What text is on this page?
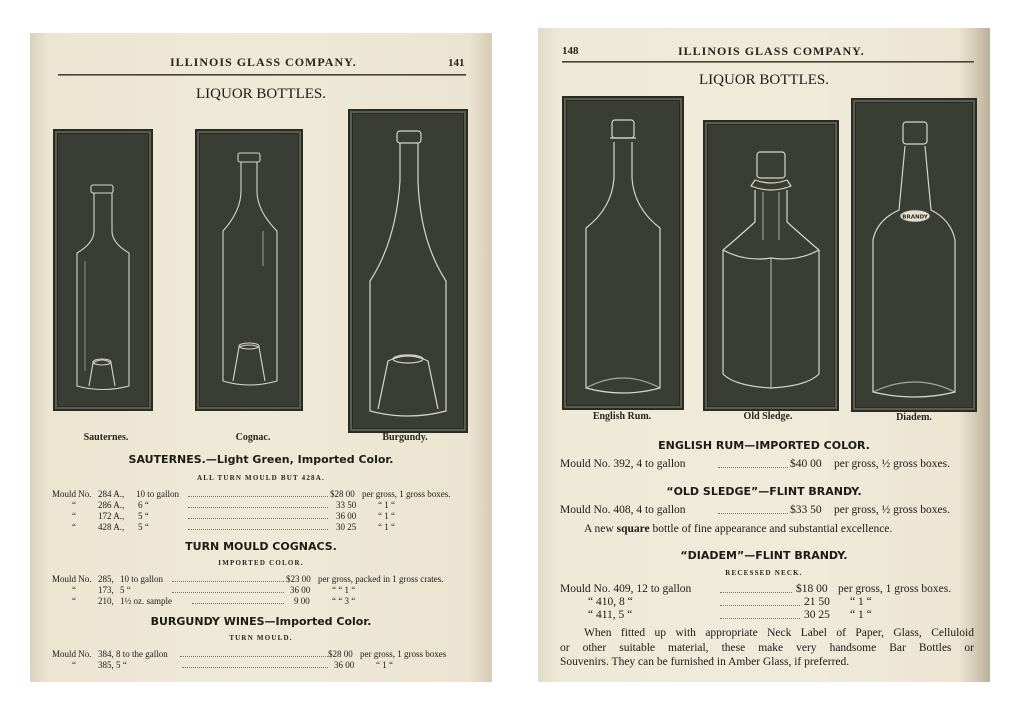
ILLINOIS GLASS COMPANY.	141
LIQUOR BOTTLES.
Sauternes.	Cognac.	Burgundy.
SAUTERNES.—Light Green, Imported Color.
ALL TURN MOULD BUT 428A.
Mould No. 284 A., 10 to gallon	$28 00 per gross, 1 gross boxes.
“ 286 A., 6 “	33 50 “ 1 “
“ 172 A., 5 “	36 00 “ 1 “
“ 428 A., 5 “	30 25 “ 1 “
TURN MOULD COGNACS.
IMPORTED COLOR.
Mould No. 285, 10 to gallon	$23 00 per gross, packed in 1 gross crates.
“ 173, 5 “	36 00 “ “ 1 “
“ 210, 1½ oz. sample	9 00 “ “ 3 “
BURGUNDY WINES—Imported Color.
TURN MOULD.
Mould No. 384, 8 to the gallon	$28 00 per gross, 1 gross boxes
“ 385, 5 “	36 00 “ 1 “
148	ILLINOIS GLASS COMPANY.
LIQUOR BOTTLES.
BRANDY
English Rum.	Old Sledge.	Diadem.
ENGLISH RUM—IMPORTED COLOR.
Mould No. 392, 4 to gallon	$40 00 per gross, ½ gross boxes.
“OLD SLEDGE”—FLINT BRANDY.
Mould No. 408, 4 to gallon	$33 50 per gross, ½ gross boxes.
A new square bottle of fine appearance and substantial excellence.
“DIADEM”—FLINT BRANDY.
RECESSED NECK.
Mould No. 409, 12 to gallon	$18 00 per gross, 1 gross boxes.
“ 410, 8 “	21 50 “ 1 “
“ 411, 5 “	30 25 “ 1 “
When fitted up with appropriate Neck Label of Paper, Glass, Celluloid
or other suitable material, these make very handsome Bar Bottles or
Souvenirs. They can be furnished in Amber Glass, if preferred.
